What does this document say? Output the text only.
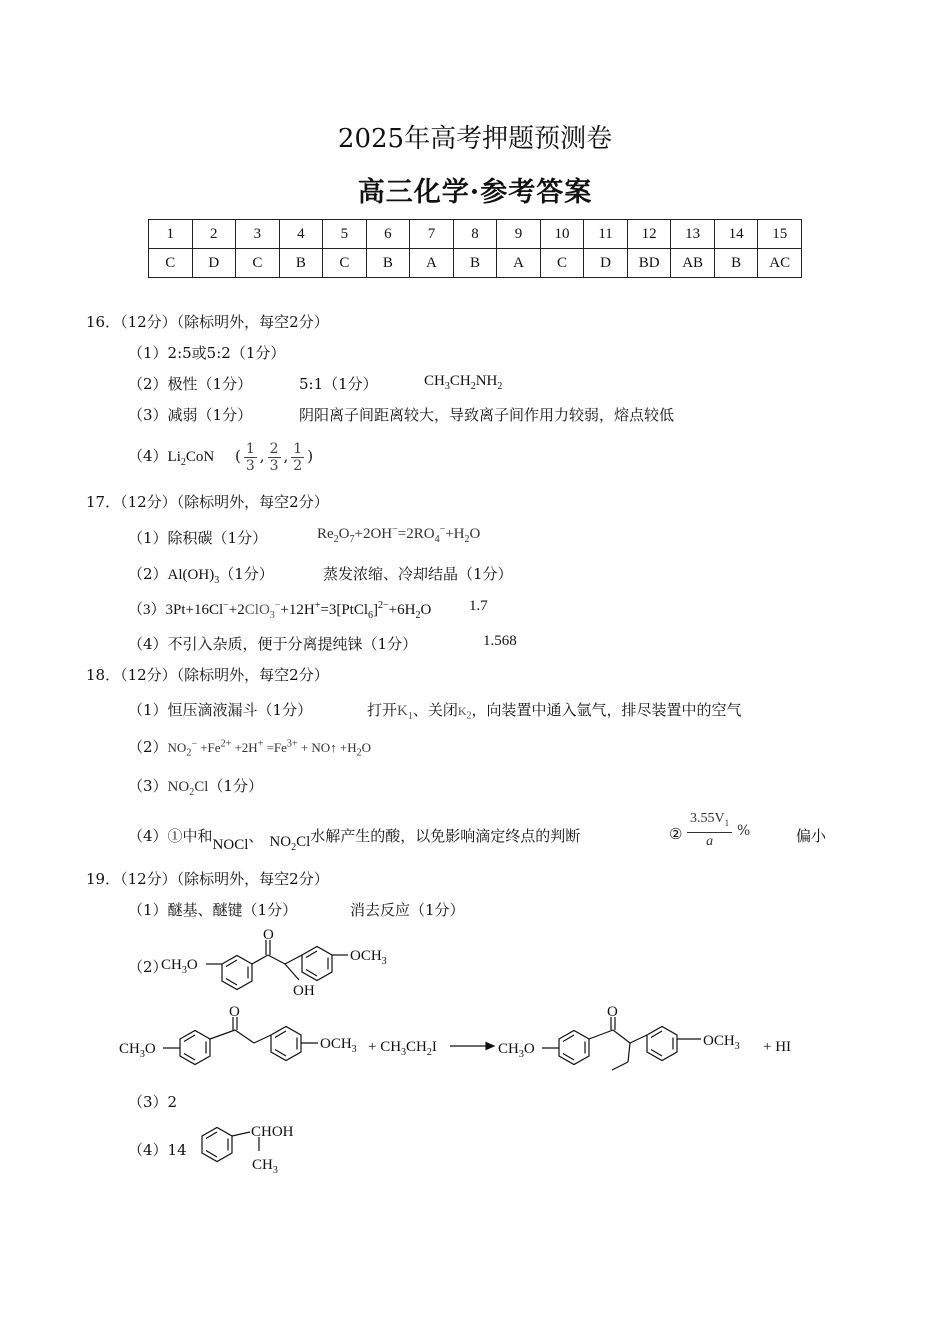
2025年高考押题预测卷
高三化学·参考答案
1	2	3	4	5	6	7	8	9	10	11	12	13	14	15
C	D	C	B	C	B	A	B	A	C	D	BD	AB	B	AC
16．（12分）（除标明外，每空2分）
（1）2:5或5:2（1分）
（2）极性（1分）	5:1（1分）	$CH_3CH_2NH_2$
（3）减弱（1分）	阴阳离子间距离较大，导致离子间作用力较弱，熔点较低
$(4)Li_2CoN$ ( $\frac{1}{3}$ , $\frac{2}{3}$ , $\frac{1}{2}$ )
17．（12分）（除标明外，每空2分）
（1）除积碳（1分）	$Re_2O_7+2OH^-=2RO_4^-+H_2O$
$(2)Al(OH)_3(1$分）	蒸发浓缩、冷却结晶（1分）
$(3)3Pt+16Cl^-+2ClO_3^-+12H^+=3[PtCl_6]^{2-}+6H_2O$	1.7
（4）不引入杂质，便于分离提纯铼（1分）	1.568
18．（12分）（除标明外，每空2分）
（1）恒压滴液漏斗（1分）	打开$K_1$、关闭$K_2$，向装置中通入氩气，排尽装置中的空气
$(2)NO_2^- +Fe^{2+} +2H^+ =Fe^{3+}$ + NO↑ $+H_2O$
$(3)NO_2Cl(1$分）
（4）①中和NOCl、 $NO_2Cl$水解产生的酸，以免影响滴定终点的判断	②
$3.55V_1$
a
%	偏小
19．（12分）（除标明外，每空2分）
（1）醚基、醚键（1分）	消去反应（1分）
（2）
$CH_3O$
O
OH
$OCH_3$
$CH_3O$
O
$OCH_3 + CH_3CH_2I$	$CH_3O$
O
$OCH_3$ + HI
（3）2
（4）14
CHOH
$CH_3$
